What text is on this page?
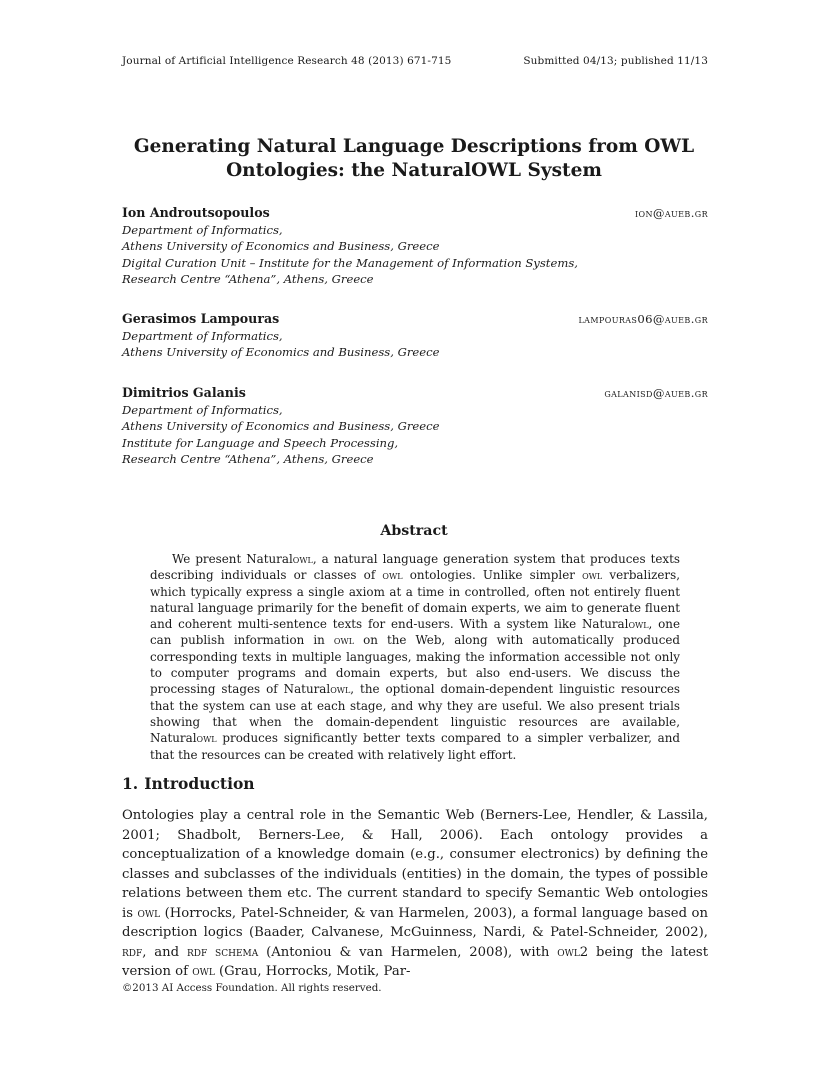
Journal of Artificial Intelligence Research 48 (2013) 671-715	Submitted 04/13; published 11/13
Generating Natural Language Descriptions from OWL
Ontologies: the NaturalOWL System
Ion Androutsopoulos	ion@aueb.gr
Department of Informatics,
Athens University of Economics and Business, Greece
Digital Curation Unit – Institute for the Management of Information Systems,
Research Centre “Athena”, Athens, Greece
Gerasimos Lampouras	lampouras06@aueb.gr
Department of Informatics,
Athens University of Economics and Business, Greece
Dimitrios Galanis	galanisd@aueb.gr
Department of Informatics,
Athens University of Economics and Business, Greece
Institute for Language and Speech Processing,
Research Centre “Athena”, Athens, Greece
Abstract
We present Naturalowl, a natural language generation system that produces texts describing individuals or classes of owl ontologies. Unlike simpler owl verbalizers, which typically express a single axiom at a time in controlled, often not entirely fluent natural language primarily for the benefit of domain experts, we aim to generate fluent and coherent multi-sentence texts for end-users. With a system like Naturalowl, one can publish information in owl on the Web, along with automatically produced corresponding texts in multiple languages, making the information accessible not only to computer programs and domain experts, but also end-users. We discuss the processing stages of Naturalowl, the optional domain-dependent linguistic resources that the system can use at each stage, and why they are useful. We also present trials showing that when the domain-dependent linguistic resources are available, Naturalowl produces significantly better texts compared to a simpler verbalizer, and that the resources can be created with relatively light effort.
1. Introduction
Ontologies play a central role in the Semantic Web (Berners-Lee, Hendler, & Lassila, 2001; Shadbolt, Berners-Lee, & Hall, 2006). Each ontology provides a conceptualization of a knowledge domain (e.g., consumer electronics) by defining the classes and subclasses of the individuals (entities) in the domain, the types of possible relations between them etc. The current standard to specify Semantic Web ontologies is owl (Horrocks, Patel-Schneider, & van Harmelen, 2003), a formal language based on description logics (Baader, Calvanese, McGuinness, Nardi, & Patel-Schneider, 2002), rdf, and rdf schema (Antoniou & van Harmelen, 2008), with owl2 being the latest version of owl (Grau, Horrocks, Motik, Par-
©2013 AI Access Foundation. All rights reserved.
